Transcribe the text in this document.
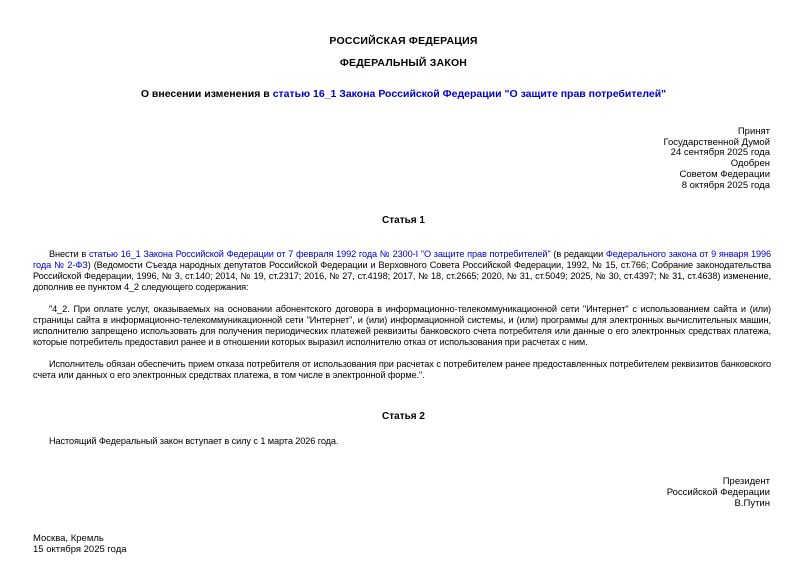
РОССИЙСКАЯ ФЕДЕРАЦИЯ
ФЕДЕРАЛЬНЫЙ ЗАКОН
О внесении изменения в статью 16_1 Закона Российской Федерации "О защите прав потребителей"
Принят
Государственной Думой
24 сентября 2025 года
Одобрен
Советом Федерации
8 октября 2025 года
Статья 1

Внести в статью 16_1 Закона Российской Федерации от 7 февраля 1992 года № 2300-I "О защите прав потребителей" (в редакции Федерального закона от 9 января 1996 года № 2-ФЗ) (Ведомости Съезда народных депутатов Российской Федерации и Верховного Совета Российской Федерации, 1992, № 15, ст.766; Собрание законодательства Российской Федерации, 1996, № 3, ст.140; 2014, № 19, ст.2317; 2016, № 27, ст.4198; 2017, № 18, ст.2665; 2020, № 31, ст.5049; 2025, № 30, ст.4397; № 31, ст.4638) изменение, дополнив ее пунктом 4_2 следующего содержания:

"4_2. При оплате услуг, оказываемых на основании абонентского договора в информационно-телекоммуникационной сети "Интернет" с использованием сайта и (или) страницы сайта в информационно-телекоммуникационной сети "Интернет", и (или) информационной системы, и (или) программы для электронных вычислительных машин, исполнителю запрещено использовать для получения периодических платежей реквизиты банковского счета потребителя или данные о его электронных средствах платежа, которые потребитель предоставил ранее и в отношении которых выразил исполнителю отказ от использования при расчетах с ним.

Исполнитель обязан обеспечить прием отказа потребителя от использования при расчетах с потребителем ранее предоставленных потребителем реквизитов банковского счета или данных о его электронных средствах платежа, в том числе в электронной форме.".

Статья 2

Настоящий Федеральный закон вступает в силу с 1 марта 2026 года.

Президент
Российской Федерации
В.Путин
Москва, Кремль
15 октября 2025 года
